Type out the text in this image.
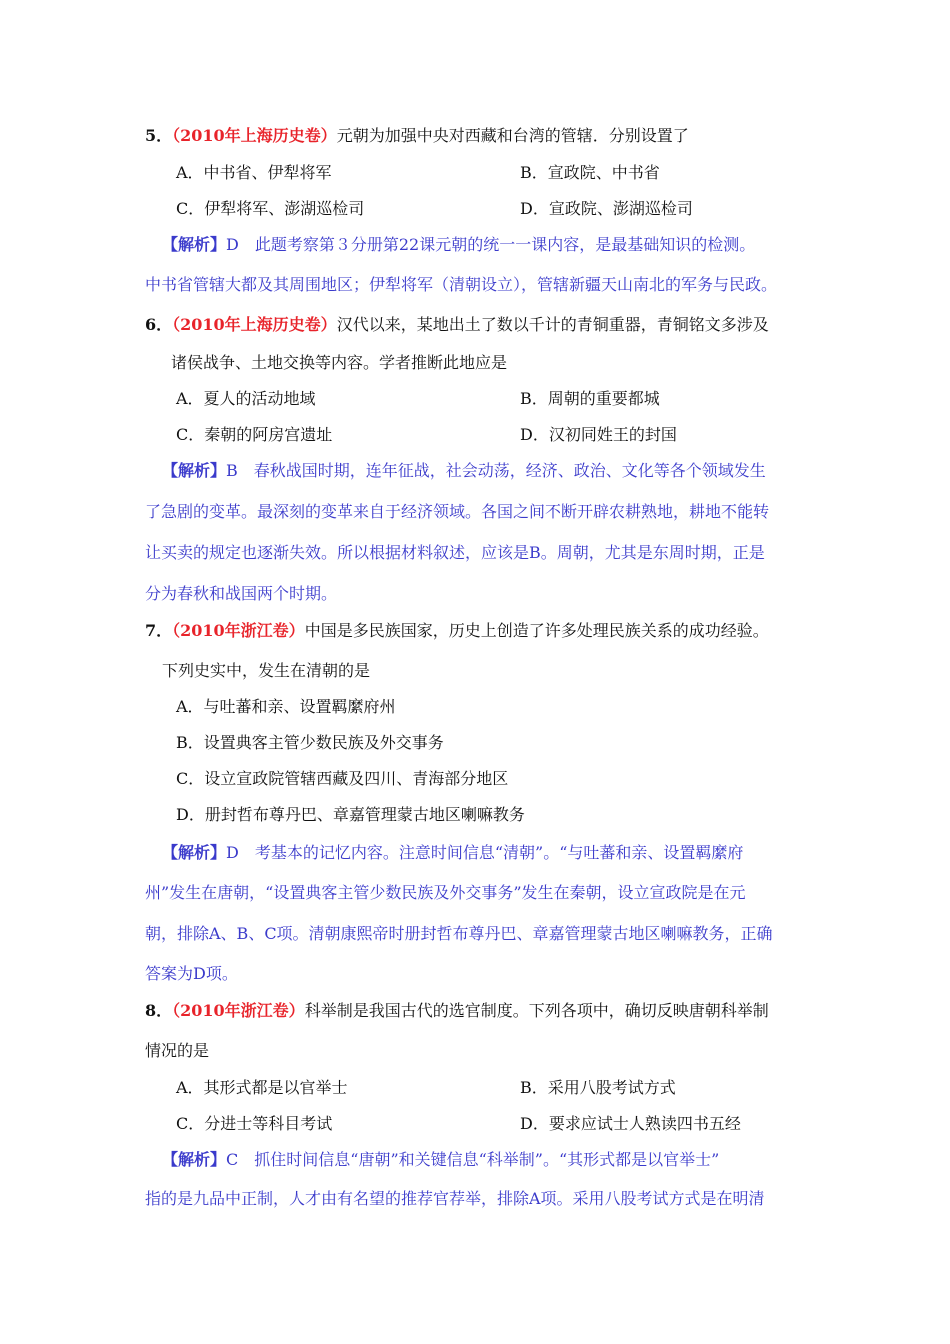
5．（2010年上海历史卷）元朝为加强中央对西藏和台湾的管辖．分别设置了
A．中书省、伊犁将军	B．宣政院、中书省
C．伊犁将军、澎湖巡检司	D．宣政院、澎湖巡检司
【解析】D　此题考察第３分册第22课元朝的统一一课内容，是最基础知识的检测。
中书省管辖大都及其周围地区；伊犁将军（清朝设立），管辖新疆天山南北的军务与民政。
6．（2010年上海历史卷）汉代以来，某地出土了数以千计的青铜重器，青铜铭文多涉及
诸侯战争、土地交换等内容。学者推断此地应是
A．夏人的活动地域	B．周朝的重要都城
C．秦朝的阿房宫遗址	D．汉初同姓王的封国
【解析】B　春秋战国时期，连年征战，社会动荡，经济、政治、文化等各个领域发生
了急剧的变革。最深刻的变革来自于经济领域。各国之间不断开辟农耕熟地，耕地不能转
让买卖的规定也逐渐失效。所以根据材料叙述，应该是B。周朝，尤其是东周时期，正是
分为春秋和战国两个时期。
7．（2010年浙江卷）中国是多民族国家，历史上创造了许多处理民族关系的成功经验。
下列史实中，发生在清朝的是
A．与吐蕃和亲、设置羁縻府州
B．设置典客主管少数民族及外交事务
C．设立宣政院管辖西藏及四川、青海部分地区
D．册封哲布尊丹巴、章嘉管理蒙古地区喇嘛教务
【解析】D　考基本的记忆内容。注意时间信息“清朝”。“与吐蕃和亲、设置羁縻府
州”发生在唐朝，“设置典客主管少数民族及外交事务”发生在秦朝，设立宣政院是在元
朝，排除A、B、C项。清朝康熙帝时册封哲布尊丹巴、章嘉管理蒙古地区喇嘛教务，正确
答案为D项。
8．（2010年浙江卷）科举制是我国古代的选官制度。下列各项中，确切反映唐朝科举制
情况的是
A．其形式都是以官举士	B．采用八股考试方式
C．分进士等科目考试	D．要求应试士人熟读四书五经
【解析】C　抓住时间信息“唐朝”和关键信息“科举制”。“其形式都是以官举士”
指的是九品中正制，人才由有名望的推荐官荐举，排除A项。采用八股考试方式是在明清
